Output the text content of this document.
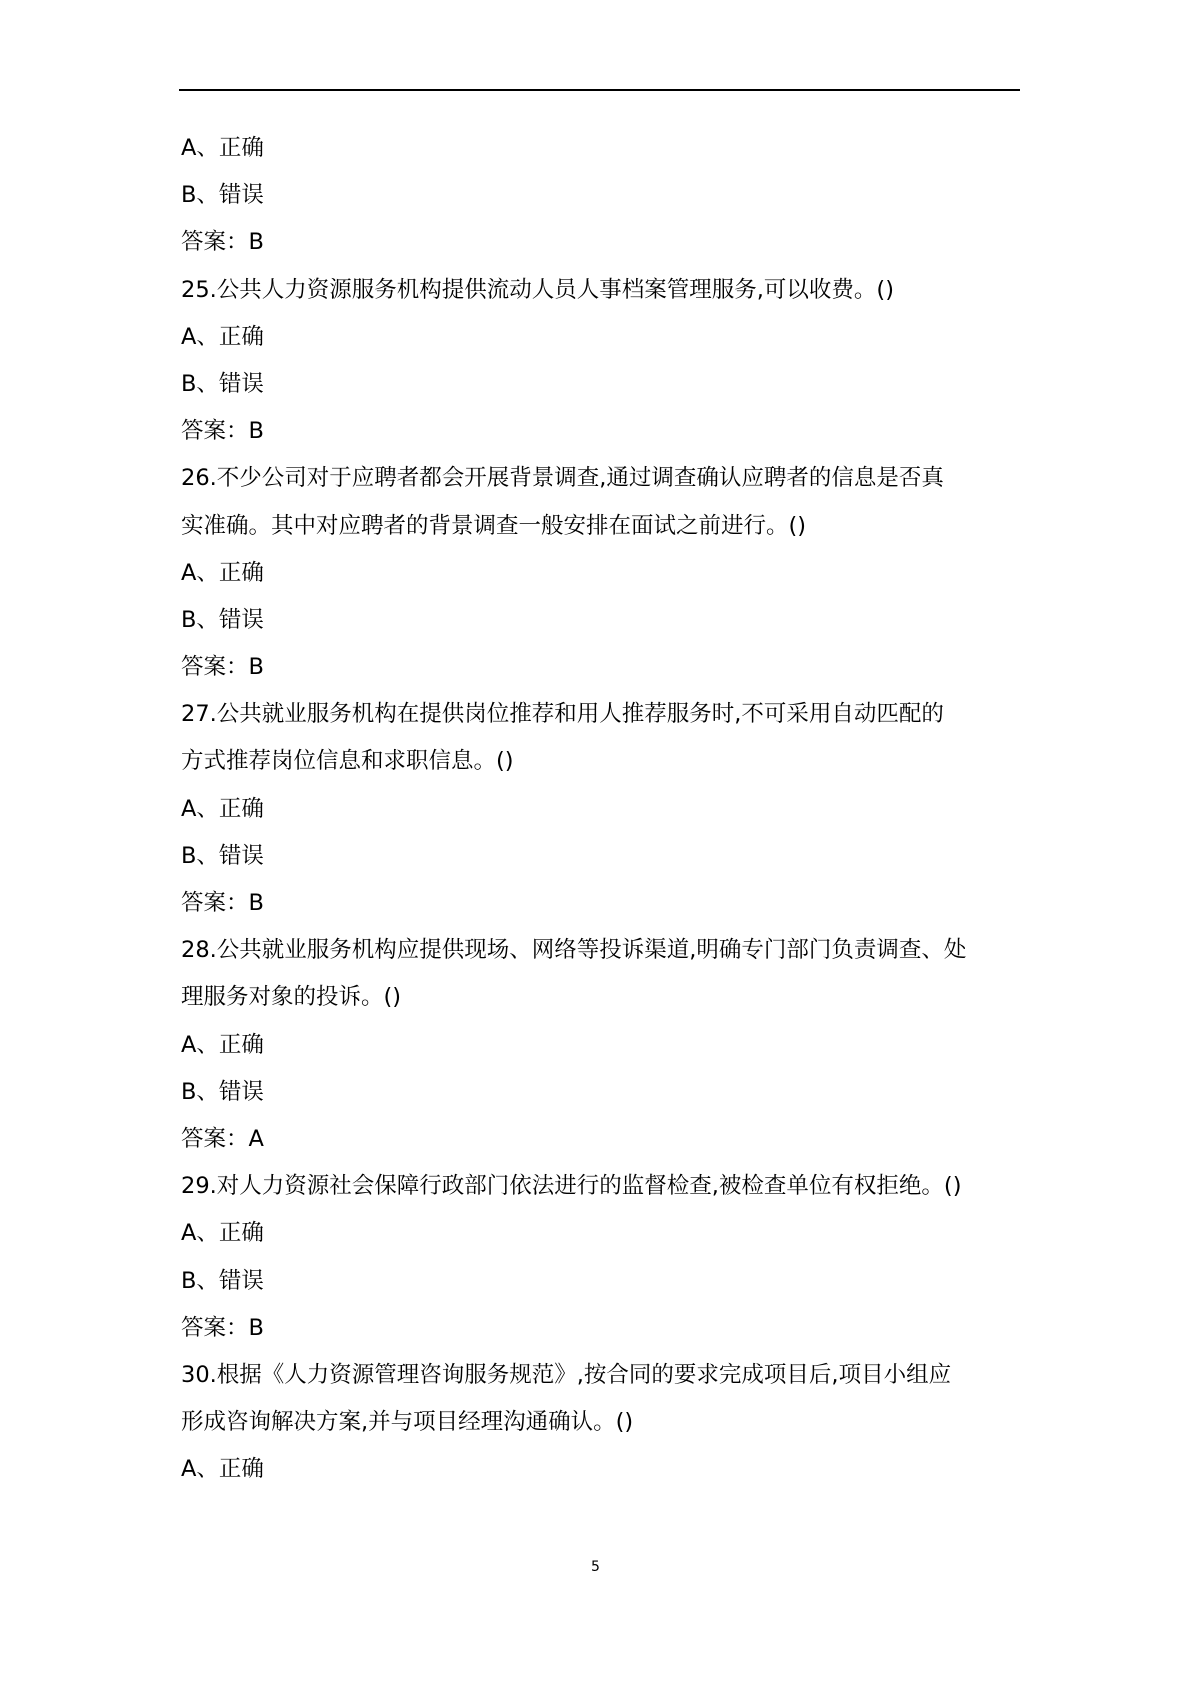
A、正确

B、错误

答案：B

25.公共人力资源服务机构提供流动人员人事档案管理服务,可以收费。()

A、正确

B、错误

答案：B

26.不少公司对于应聘者都会开展背景调查,通过调查确认应聘者的信息是否真

实准确。其中对应聘者的背景调查一般安排在面试之前进行。()

A、正确

B、错误

答案：B

27.公共就业服务机构在提供岗位推荐和用人推荐服务时,不可采用自动匹配的

方式推荐岗位信息和求职信息。()

A、正确

B、错误

答案：B

28.公共就业服务机构应提供现场、网络等投诉渠道,明确专门部门负责调查、处

理服务对象的投诉。()

A、正确

B、错误

答案：A

29.对人力资源社会保障行政部门依法进行的监督检查,被检查单位有权拒绝。()

A、正确

B、错误

答案：B

30.根据《人力资源管理咨询服务规范》,按合同的要求完成项目后,项目小组应

形成咨询解决方案,并与项目经理沟通确认。()

A、正确

5
